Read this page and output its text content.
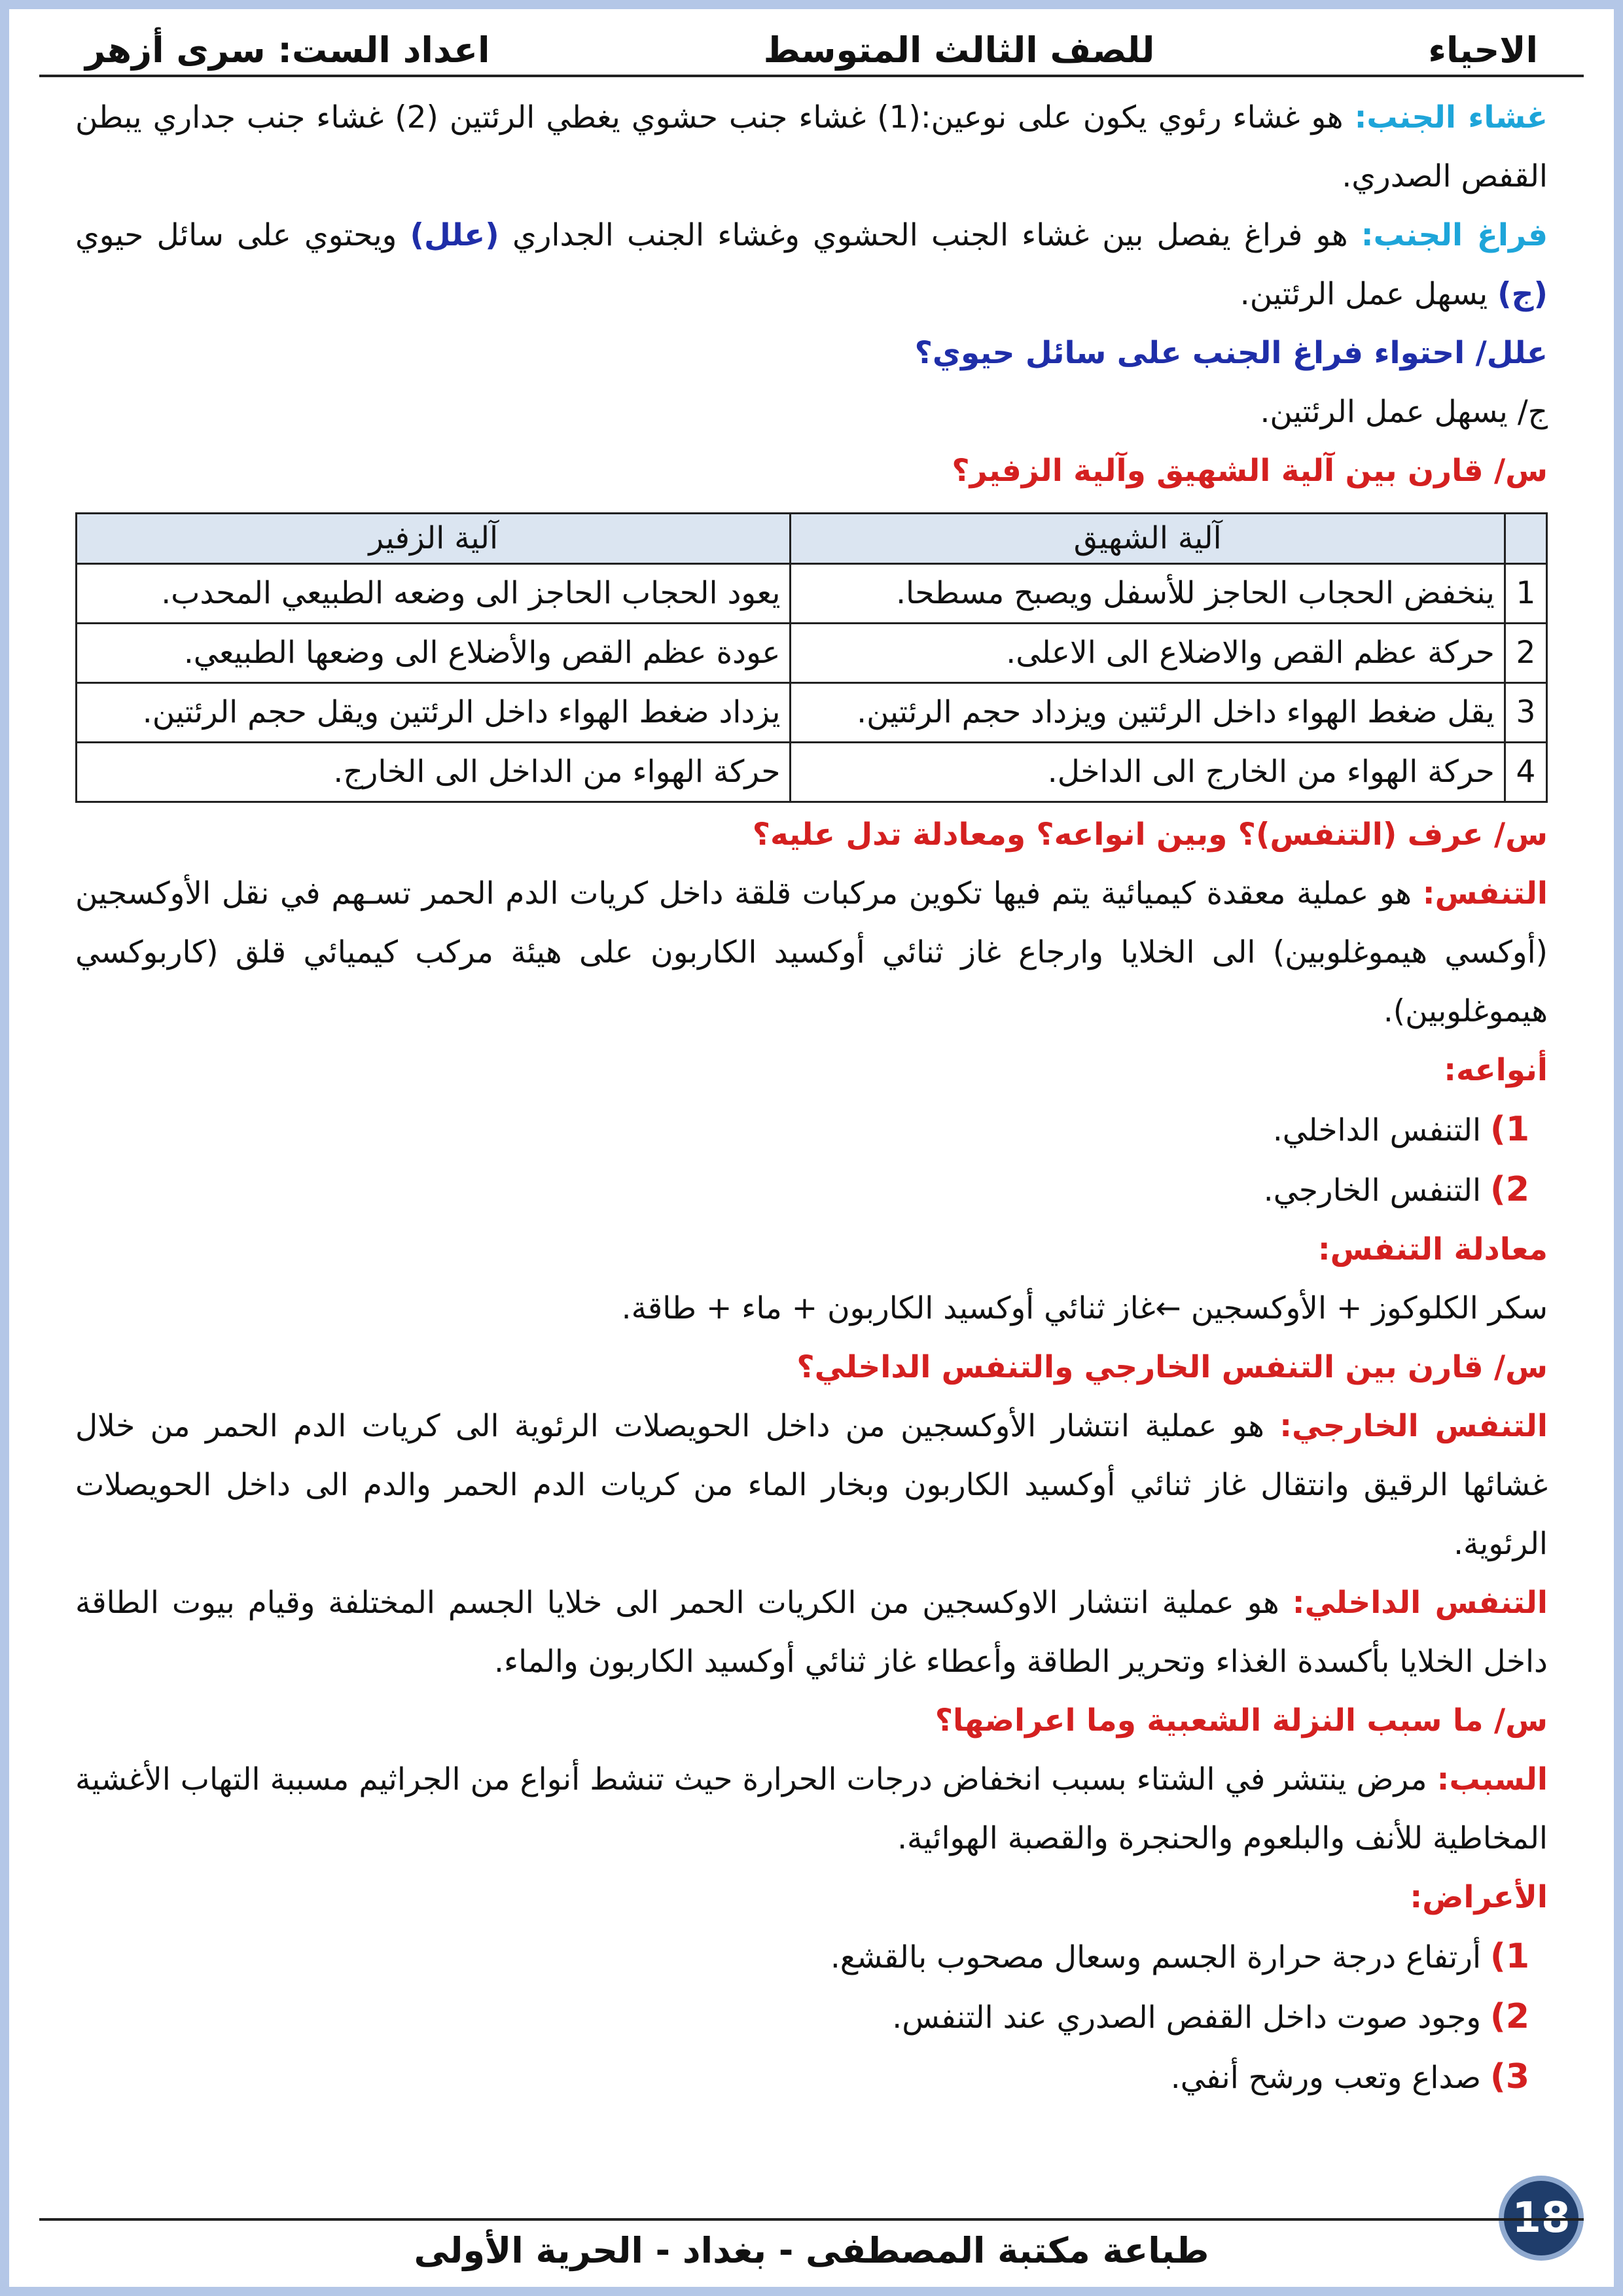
الاحياء
للصف الثالث المتوسط
اعداد الست: سرى أزهر

غشاء الجنب: هو غشاء رئوي يكون على نوعين:(1) غشاء جنب حشوي يغطي الرئتين (2) غشاء جنب جداري يبطن القفص الصدري.

فراغ الجنب: هو فراغ يفصل بين غشاء الجنب الحشوي وغشاء الجنب الجداري (علل) ويحتوي على سائل حيوي (ج) يسهل عمل الرئتين.

علل/ احتواء فراغ الجنب على سائل حيوي؟

ج/ يسهل عمل الرئتين.

س/ قارن بين آلية الشهيق وآلية الزفير؟

	آلية الشهيق	آلية الزفير
1	ينخفض الحجاب الحاجز للأسفل ويصبح مسطحا.	يعود الحجاب الحاجز الى وضعه الطبيعي المحدب.
2	حركة عظم القص والاضلاع الى الاعلى.	عودة عظم القص والأضلاع الى وضعها الطبيعي.
3	يقل ضغط الهواء داخل الرئتين ويزداد حجم الرئتين.	يزداد ضغط الهواء داخل الرئتين ويقل حجم الرئتين.
4	حركة الهواء من الخارج الى الداخل.	حركة الهواء من الداخل الى الخارج.

س/ عرف (التنفس)؟ وبين انواعه؟ ومعادلة تدل عليه؟

التنفس: هو عملية معقدة كيميائية يتم فيها تكوين مركبات قلقة داخل كريات الدم الحمر تسـهم في نقل الأوكسجين (أوكسي هيموغلوبين) الى الخلايا وارجاع غاز ثنائي أوكسيد الكاربون على هيئة مركب كيميائي قلق (كاربوكسي هيموغلوبين).

أنواعه:

1)التنفس الداخلي.

2)التنفس الخارجي.

معادلة التنفس:

سكر الكلوكوز + الأوكسجين ←غاز ثنائي أوكسيد الكاربون + ماء + طاقة.

س/ قارن بين التنفس الخارجي والتنفس الداخلي؟

التنفس الخارجي: هو عملية انتشار الأوكسجين من داخل الحويصلات الرئوية الى كريات الدم الحمر من خلال غشائها الرقيق وانتقال غاز ثنائي أوكسيد الكاربون وبخار الماء من كريات الدم الحمر والدم الى داخل الحويصلات الرئوية.

التنفس الداخلي: هو عملية انتشار الاوكسجين من الكريات الحمر الى خلايا الجسم المختلفة وقيام بيوت الطاقة داخل الخلايا بأكسدة الغذاء وتحرير الطاقة وأعطاء غاز ثنائي أوكسيد الكاربون والماء.

س/ ما سبب النزلة الشعبية وما اعراضها؟

السبب: مرض ينتشر في الشتاء بسبب انخفاض درجات الحرارة حيث تنشط أنواع من الجراثيم مسببة التهاب الأغشية المخاطية للأنف والبلعوم والحنجرة والقصبة الهوائية.

الأعراض:

1)أرتفاع درجة حرارة الجسم وسعال مصحوب بالقشع.

2)وجود صوت داخل القفص الصدري عند التنفس.

3)صداع وتعب ورشح أنفي.

18
طباعة مكتبة المصطفى - بغداد - الحرية الأولى
